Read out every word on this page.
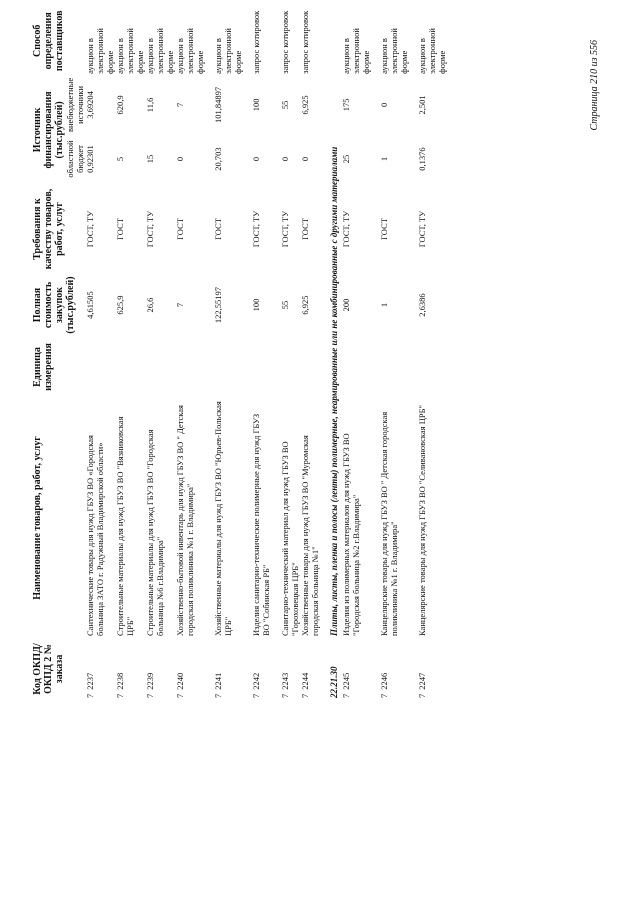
Код ОКПД/ ОКПД 2 № заказа	Наименование товаров, работ, услуг	Единица измерения	Полная стоимость закупок (тыс.рублей)	Требования к качеству товаров, работ, услуг	Источник финансирования (тыс.рублей)		Способ определения поставщиков
					областной бюджет	внебюджетные источники	
72237	Сантехнические товары для нужд ГБУЗ ВО «Городская больница ЗАТО г. Радужный Владимирской области»		4,61505	ГОСТ, ТУ	0,92301	3,69204	аукцион в электронной форме
72238	Строительные материалы для нужд ГБУЗ ВО "Вязниковская ЦРБ"		625,9	ГОСТ	5	620,9	аукцион в электронной форме
72239	Строительные материалы для нужд ГБУЗ ВО "Городская больница №6 г.Владимира"		26,6	ГОСТ, ТУ	15	11,6	аукцион в электронной форме
72240	Хозяйственно-бытовой инвентарь для нужд ГБУЗ ВО " Детская городская поликлиника №1 г. Владимира"		7	ГОСТ	0	7	аукцион в электронной форме
72241	Хозяйственные материалы для нужд ГБУЗ ВО "Юрьев-Польская ЦРБ"		122,55197	ГОСТ	20,703	101,84897	аукцион в электронной форме
72242	Изделия санитарно-технические полимерные для нужд ГБУЗ ВО "Собинская РБ"		100	ГОСТ, ТУ	0	100	запрос котировок
72243	Санитарно-технический материал для нужд ГБУЗ ВО "Гороховецкая ЦРБ"		55	ГОСТ, ТУ	0	55	запрос котировок
72244	Хозяйственные товары для нужд ГБУЗ ВО "Муромская городская больница №1"		6,925	ГОСТ	0	6,925	запрос котировок
22.21.30	Плиты, листы, пленка и полосы (ленты) полимерные, неармированные или не комбинированные с другими материалами						
72245	Изделия из полимерных материалов для нужд ГБУЗ ВО "Городская больница №2 г.Владимира"		200	ГОСТ, ТУ	25	175	аукцион в электронной форме
72246	Канцелярские товары для нужд ГБУЗ ВО " Детская городская поликлиника №1 г. Владимира"		1	ГОСТ	1	0	аукцион в электронной форме
72247	Канцелярские товары для нужд ГБУЗ ВО "Селивановская ЦРБ"		2,6386	ГОСТ, ТУ	0,1376	2,501	аукцион в электронной форме	Страница 210 из 556
